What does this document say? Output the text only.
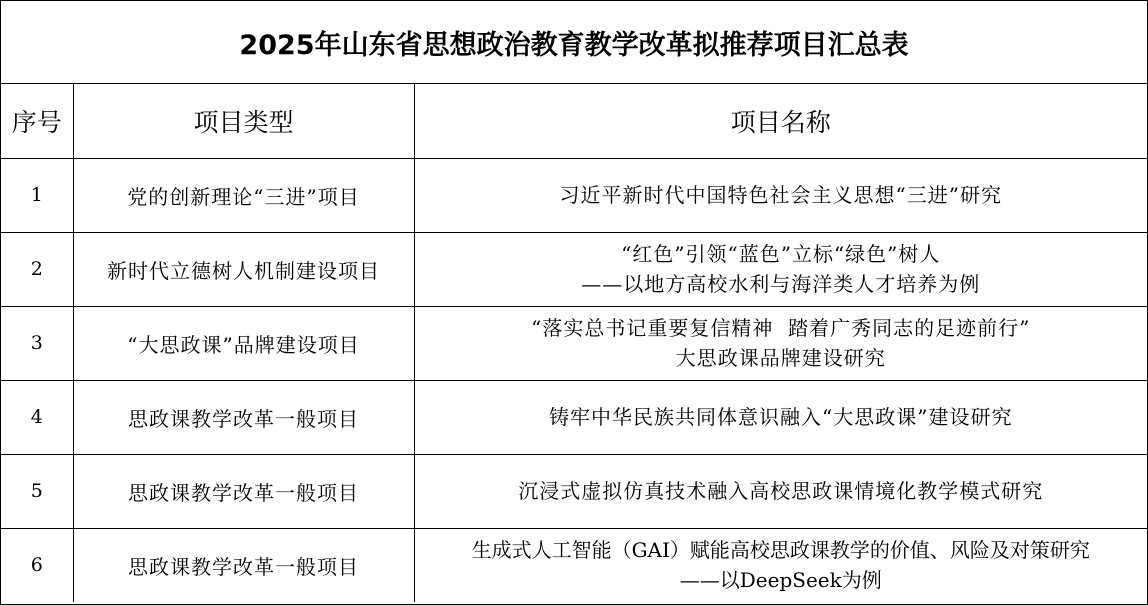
2025年山东省思想政治教育教学改革拟推荐项目汇总表
序号	项目类型	项目名称
1	党的创新理论“三进”项目	习近平新时代中国特色社会主义思想“三进”研究

2	新时代立德树人机制建设项目	“红色”引领“蓝色”立标“绿色”树人
——以地方高校水利与海洋类人才培养为例

3	“大思政课”品牌建设项目	“落实总书记重要复信精神  踏着广秀同志的足迹前行”
大思政课品牌建设研究

4	思政课教学改革一般项目	铸牢中华民族共同体意识融入“大思政课”建设研究

5	思政课教学改革一般项目	沉浸式虚拟仿真技术融入高校思政课情境化教学模式研究

6	思政课教学改革一般项目	生成式人工智能（GAI）赋能高校思政课教学的价值、风险及对策研究
——以DeepSeek为例
